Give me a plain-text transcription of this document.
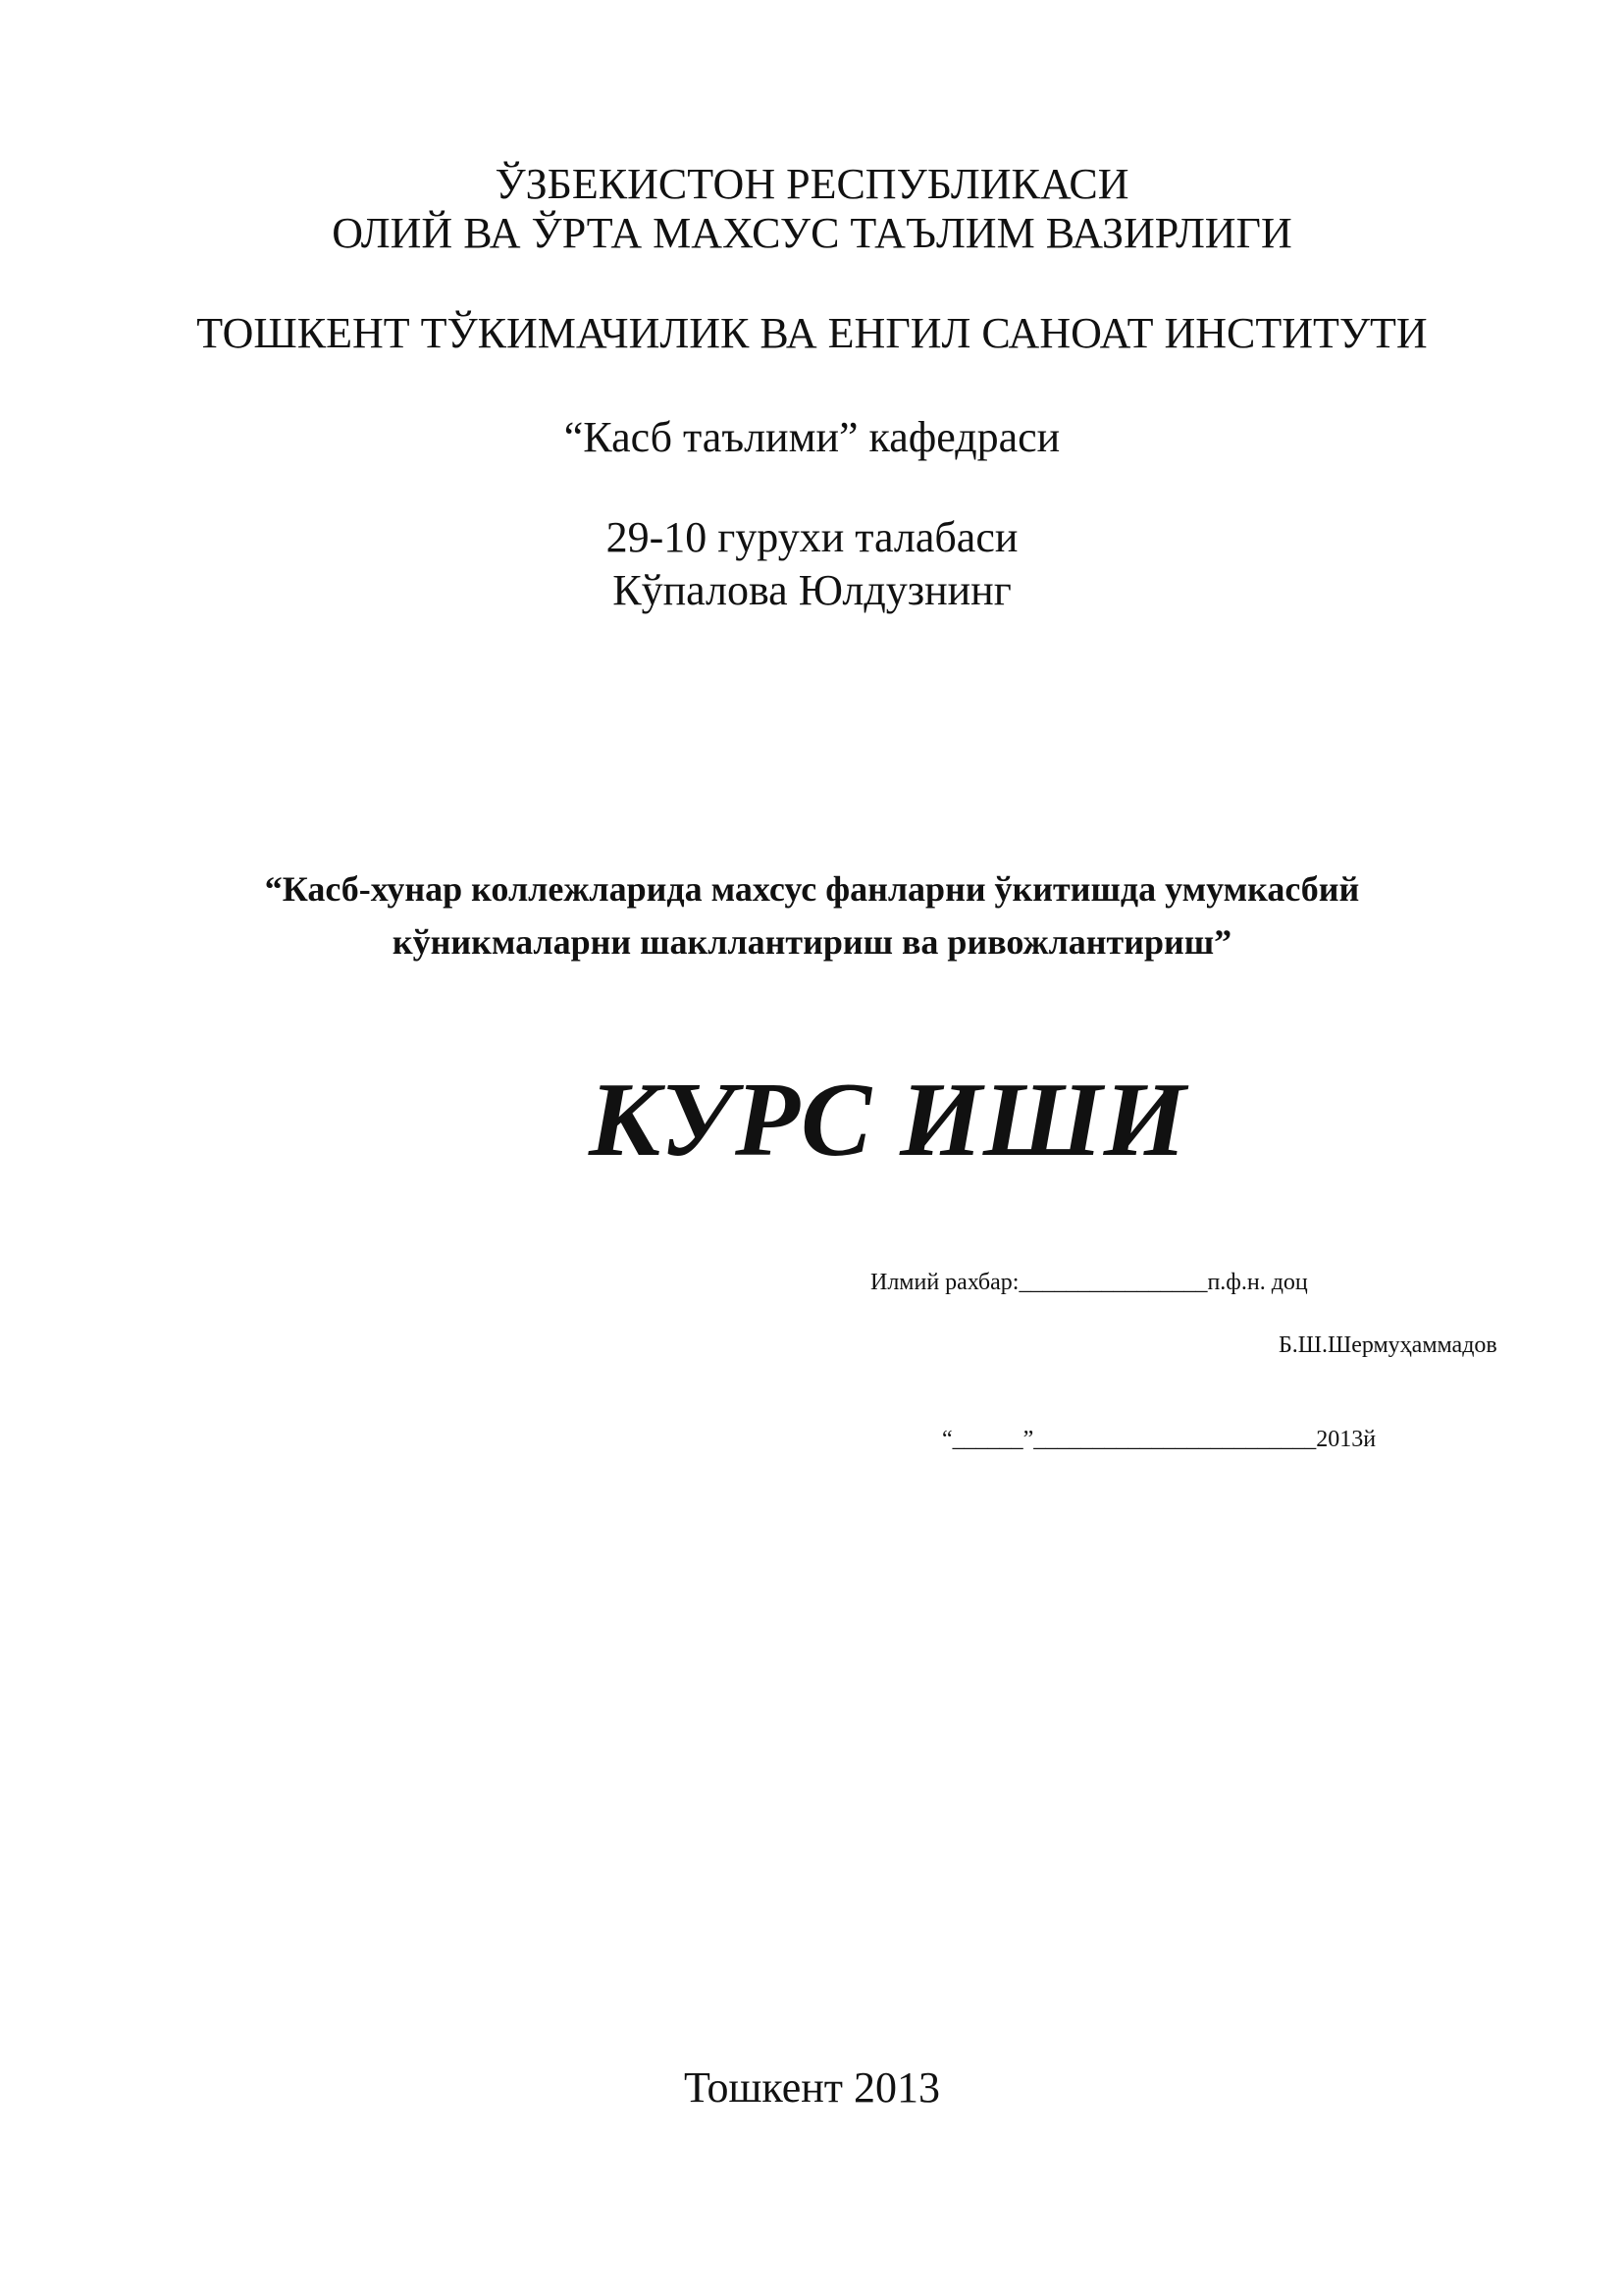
ЎЗБЕКИСТОН РЕСПУБЛИКАСИ
ОЛИЙ ВА ЎРТА МАХСУС ТАЪЛИМ ВАЗИРЛИГИ
ТОШКЕНТ ТЎКИМАЧИЛИК ВА ЕНГИЛ САНОАТ ИНСТИТУТИ
“Касб таълими” кафедраси
29-10 гурухи талабаси
Кўпалова Юлдузнинг
“Касб-хунар коллежларида махсус фанларни ўкитишда умумкасбий
кўникмаларни шакллантириш ва ривожлантириш”
КУРС ИШИ
Илмий рахбар:________________п.ф.н. доц
Б.Ш.Шермуҳаммадов
“______”________________________2013й
Тошкент 2013
